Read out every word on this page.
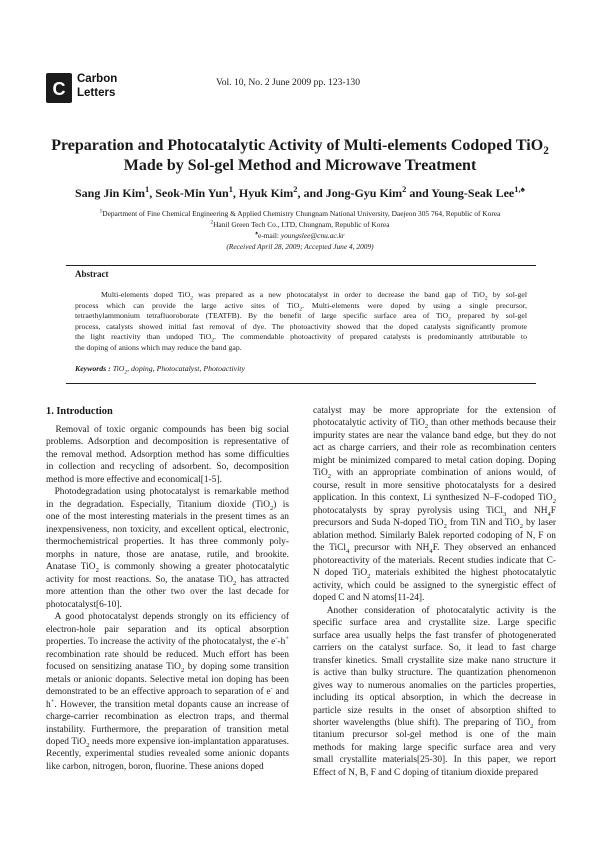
C Carbon
Letters
Vol. 10, No. 2 June 2009 pp. 123-130
Preparation and Photocatalytic Activity of Multi-elements Codoped TiO$_2$
Made by Sol-gel Method and Microwave Treatment
Sang Jin Kim$^1$, Seok-Min Yun$^1$, Hyuk Kim$^2$, and Jong-Gyu Kim$^2$ and Young-Seak Lee$^{1,♠}$
$^1$Department of Fine Chemical Engineering & Applied Chemistry Chungnam National University, Daejeon 305 764, Republic of Korea
$^2$Hanil Green Tech Co., LTD, Chungnam, Republic of Korea
♠e-mail: youngslee@cnu.ac.kr
(Received April 28, 2009; Accepted June 4, 2009)
Abstract
Multi-elements doped TiO$_2$ was prepared as a new photocatalyst in order to decrease the band gap of TiO$_2$ by sol-gel
process which can provide the large active sites of TiO$_2$. Multi-elements were doped by using a single precursor,
tetraethylammonium tetrafluoroborate (TEATFB). By the benefit of large specific surface area of TiO$_2$ prepared by sol-gel
process, catalysts showed initial fast removal of dye. The photoactivity showed that the doped catalysts significantly promote
the light reactivity than undoped TiO$_2$. The commendable photoactivity of prepared catalysts is predominantly attributable to
the doping of anions which may reduce the band gap.
Keywords : TiO$_2$, doping, Photocatalyst, Photoactivity
1. Introduction
Removal of toxic organic compounds has been big social
problems. Adsorption and decomposition is representative of
the removal method. Adsorption method has some difficulties
in collection and recycling of adsorbent. So, decomposition
method is more effective and economical[1-5].
Photodegradation using photocatalyst is remarkable method
in the degradation. Especially, Titanium dioxide (TiO$_2$) is
one of the most interesting materials in the present times as an
inexpensiveness, non toxicity, and excellent optical, electronic,
thermochemistrical properties. It has three commonly poly-
morphs in nature, those are anatase, rutile, and brookite.
Anatase TiO$_2$ is commonly showing a greater photocatalytic
activity for most reactions. So, the anatase TiO$_2$ has attracted
more attention than the other two over the last decade for
photocatalyst[6-10].
A good photocatalyst depends strongly on its efficiency of
electron-hole pair separation and its optical absorption
properties. To increase the activity of the photocatalyst, the e--h+
recombination rate should be reduced. Much effort has been
focused on sensitizing anatase TiO$_2$ by doping some transition
metals or anionic dopants. Selective metal ion doping has been
demonstrated to be an effective approach to separation of e- and
h+. However, the transition metal dopants cause an increase of
charge-carrier recombination as electron traps, and thermal
instability. Furthermore, the preparation of transition metal
doped TiO$_2$ needs more expensive ion-implantation apparatuses.
Recently, experimental studies revealed some anionic dopants
like carbon, nitrogen, boron, fluorine. These anions doped
catalyst may be more appropriate for the extension of
photocatalytic activity of TiO$_2$ than other methods because their
impurity states are near the valance band edge, but they do not
act as charge carriers, and their role as recombination centers
might be minimized compared to metal cation doping. Doping
TiO$_2$ with an appropriate combination of anions would, of
course, result in more sensitive photocatalysts for a desired
application. In this context, Li synthesized N–F-codoped TiO$_2$
photocatalysts by spray pyrolysis using TiCl$_3$ and $NH_4F$
precursors and Suda N-doped TiO$_2$ from TiN and TiO$_2$ by laser
ablation method. Similarly Balek reported codoping of N, F on
the TiCl$_4$ precursor with $NH_4F$. They observed an enhanced
photoreactivity of the materials. Recent studies indicate that C-
N doped TiO$_2$ materials exhibited the highest photocatalytic
activity, which could be assigned to the synergistic effect of
doped C and N atoms[11-24].
Another consideration of photocatalytic activity is the
specific surface area and crystallite size. Large specific
surface area usually helps the fast transfer of photogenerated
carriers on the catalyst surface. So, it lead to fast charge
transfer kinetics. Small crystallite size make nano structure it
is active than bulky structure. The quantization phenomenon
gives way to numerous anomalies on the particles properties,
including its optical absorption, in which the decrease in
particle size results in the onset of absorption shifted to
shorter wavelengths (blue shift). The preparing of TiO$_2$ from
titanium precursor sol-gel method is one of the main
methods for making large specific surface area and very
small crystallite materials[25-30]. In this paper, we report
Effect of N, B, F and C doping of titanium dioxide prepared
